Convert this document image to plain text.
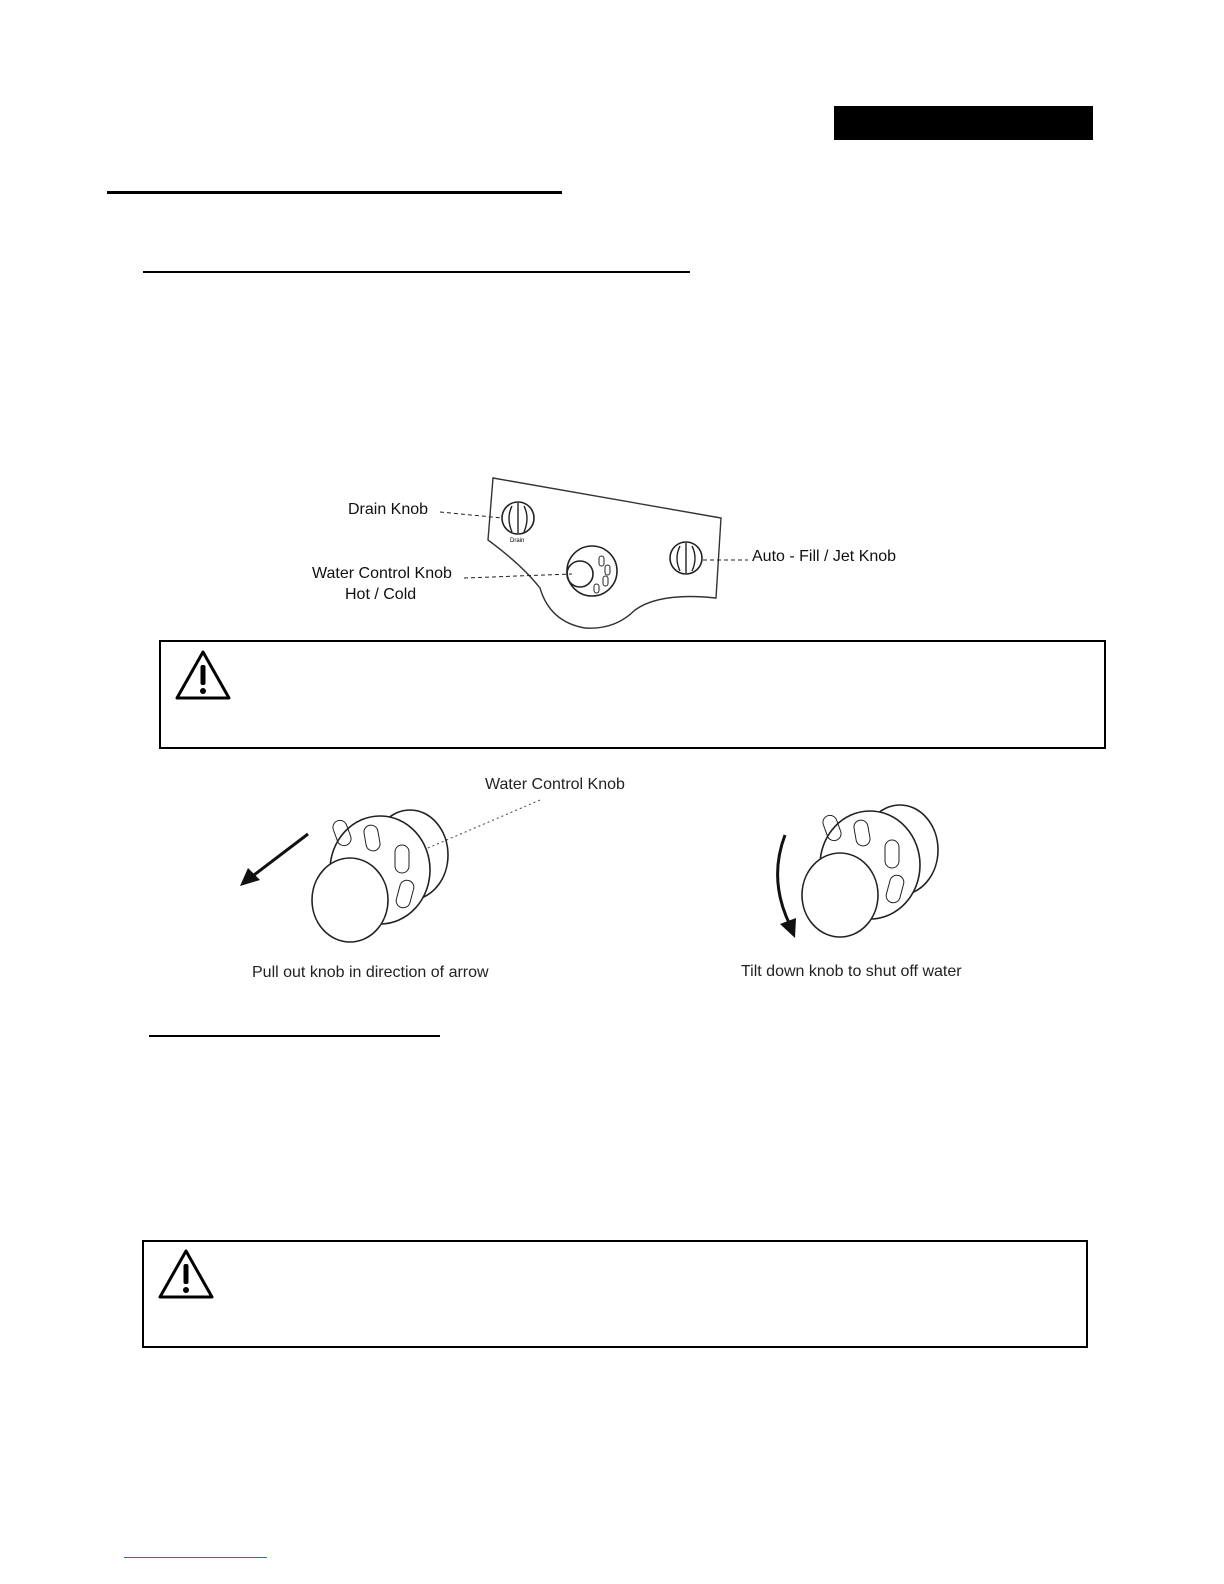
Drain
Drain Knob
Water Control Knob
Hot / Cold
Auto - Fill / Jet Knob
Water Control Knob
Pull out knob in direction of arrow	Tilt down knob to shut off water
